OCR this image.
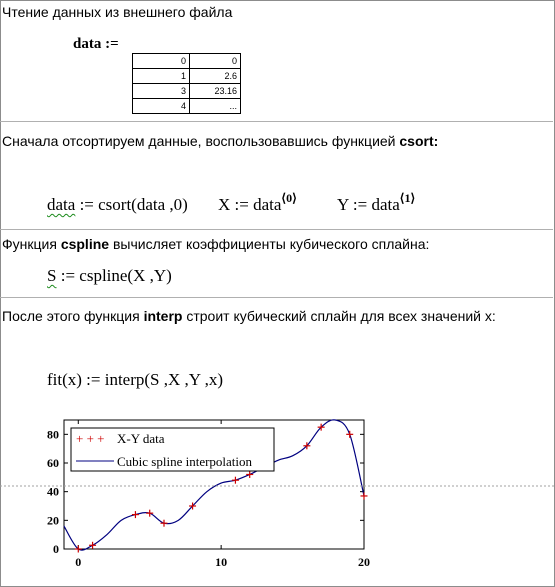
Чтение данных из внешнего файла
data :=
0	0
1	2.6
3	23.16
4	...
Сначала отсортируем данные, воспользовавшись функцией csort:
data := csort(data ,0) X := data$^{⟨0⟩}$ Y := data$^{⟨1⟩}$
Функция cspline вычисляет коэффициенты кубического сплайна:
S := cspline(X ,Y)
После этого функция interp строит кубический сплайн для всех значений x:
fit(x) := interp(S ,X ,Y ,x)
0
20
40
60
80
0	10	20
+ + + X-Y data
Cubic spline interpolation
